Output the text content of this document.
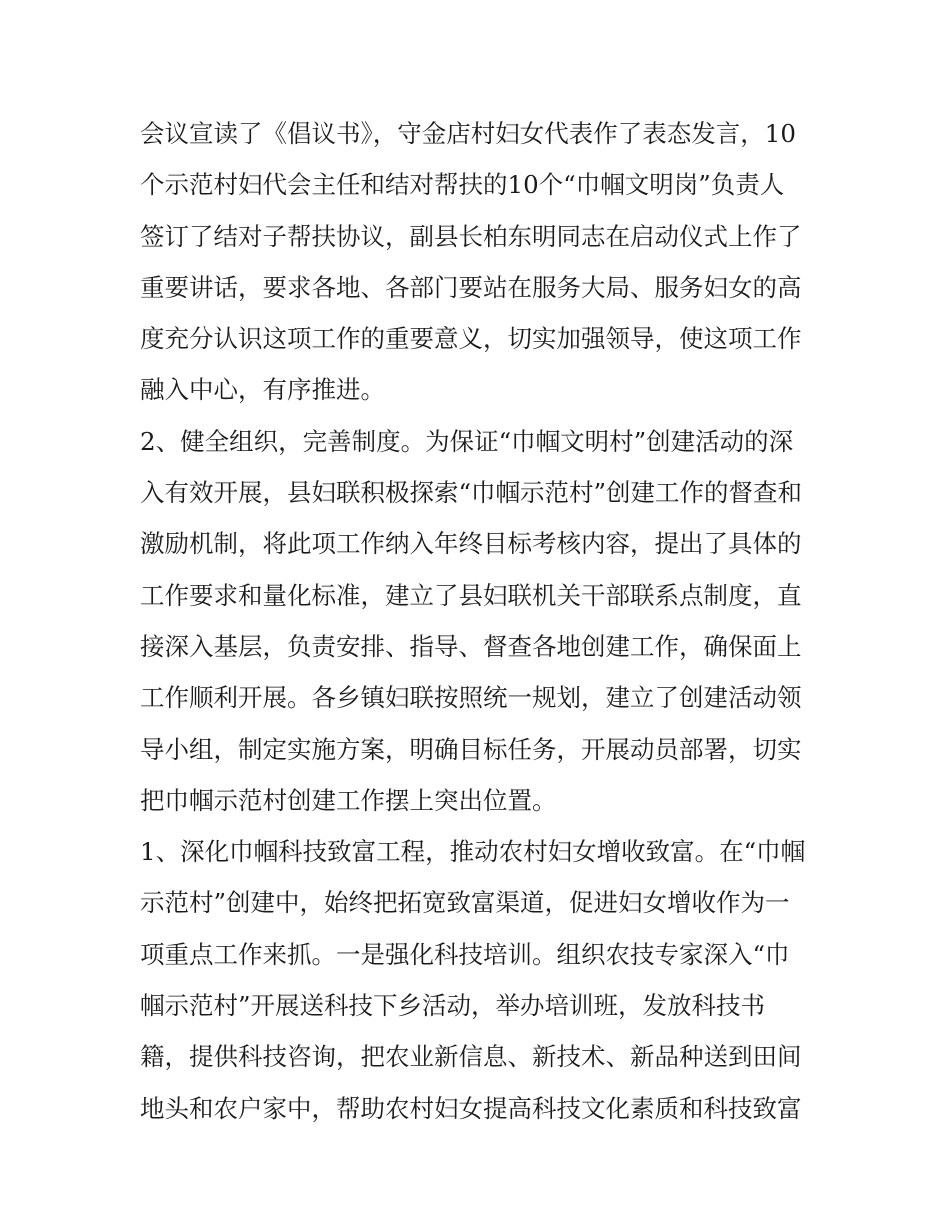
会议宣读了《倡议书》，守金店村妇女代表作了表态发言，10
个示范村妇代会主任和结对帮扶的10个“巾帼文明岗”负责人
签订了结对子帮扶协议，副县长柏东明同志在启动仪式上作了
重要讲话，要求各地、各部门要站在服务大局、服务妇女的高
度充分认识这项工作的重要意义，切实加强领导，使这项工作
融入中心，有序推进。
2、健全组织，完善制度。为保证“巾帼文明村”创建活动的深
入有效开展，县妇联积极探索“巾帼示范村”创建工作的督查和
激励机制，将此项工作纳入年终目标考核内容，提出了具体的
工作要求和量化标准，建立了县妇联机关干部联系点制度，直
接深入基层，负责安排、指导、督查各地创建工作，确保面上
工作顺利开展。各乡镇妇联按照统一规划，建立了创建活动领
导小组，制定实施方案，明确目标任务，开展动员部署，切实
把巾帼示范村创建工作摆上突出位置。
1、深化巾帼科技致富工程，推动农村妇女增收致富。在“巾帼
示范村”创建中，始终把拓宽致富渠道，促进妇女增收作为一
项重点工作来抓。一是强化科技培训。组织农技专家深入“巾
帼示范村”开展送科技下乡活动，举办培训班，发放科技书
籍，提供科技咨询，把农业新信息、新技术、新品种送到田间
地头和农户家中，帮助农村妇女提高科技文化素质和科技致富
